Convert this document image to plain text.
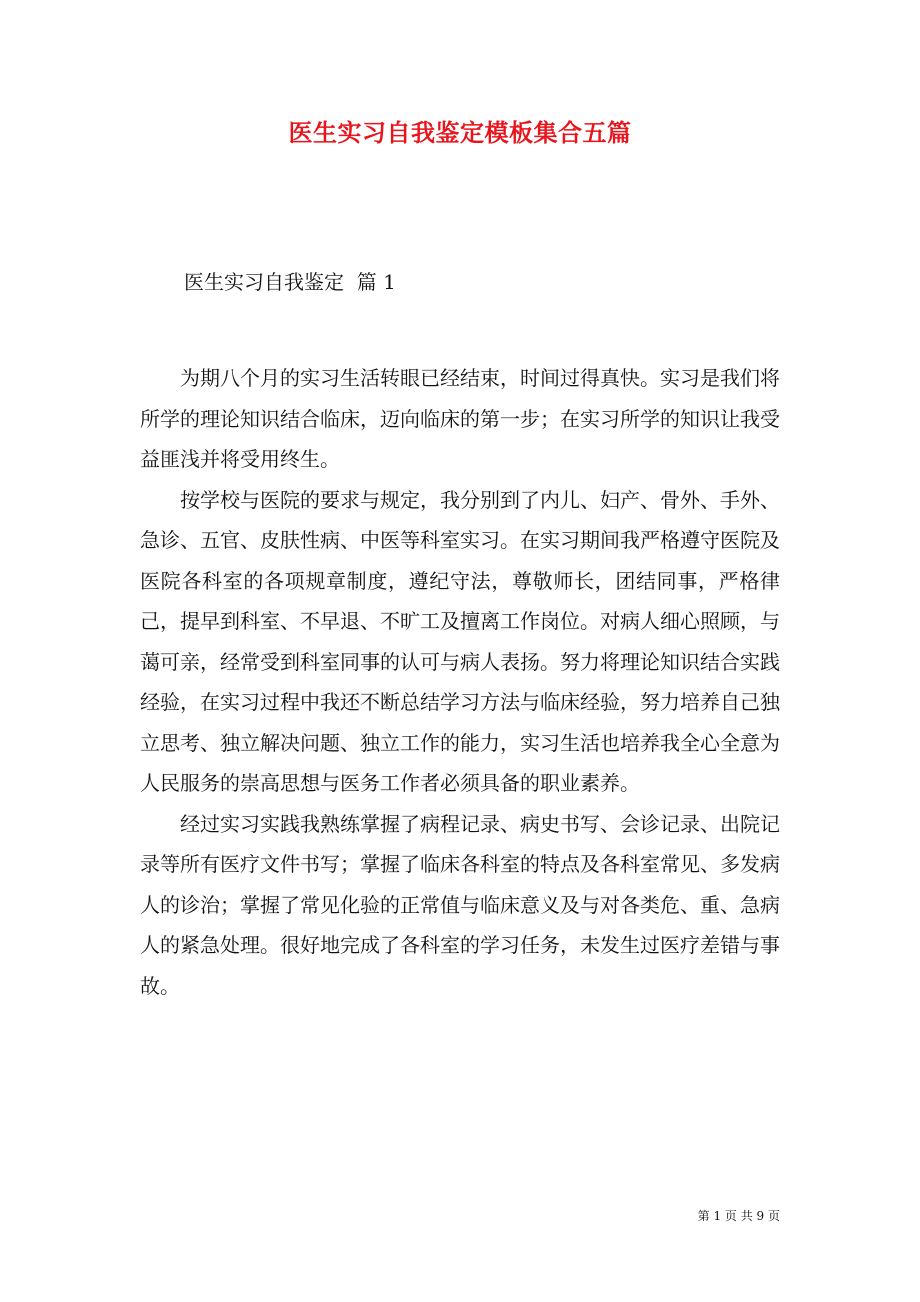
医生实习自我鉴定模板集合五篇
医生实习自我鉴定  篇 1

为期八个月的实习生活转眼已经结束，时间过得真快。实习是我们将所学的理论知识结合临床，迈向临床的第一步；在实习所学的知识让我受益匪浅并将受用终生。

按学校与医院的要求与规定，我分别到了内儿、妇产、骨外、手外、急诊、五官、皮肤性病、中医等科室实习。在实习期间我严格遵守医院及医院各科室的各项规章制度，遵纪守法，尊敬师长，团结同事，严格律己，提早到科室、不早退、不旷工及擅离工作岗位。对病人细心照顾，与蔼可亲，经常受到科室同事的认可与病人表扬。努力将理论知识结合实践经验，在实习过程中我还不断总结学习方法与临床经验，努力培养自己独立思考、独立解决问题、独立工作的能力，实习生活也培养我全心全意为人民服务的崇高思想与医务工作者必须具备的职业素养。

经过实习实践我熟练掌握了病程记录、病史书写、会诊记录、出院记录等所有医疗文件书写；掌握了临床各科室的特点及各科室常见、多发病人的诊治；掌握了常见化验的正常值与临床意义及与对各类危、重、急病人的紧急处理。很好地完成了各科室的学习任务，未发生过医疗差错与事故。

第 1 页 共 9 页
